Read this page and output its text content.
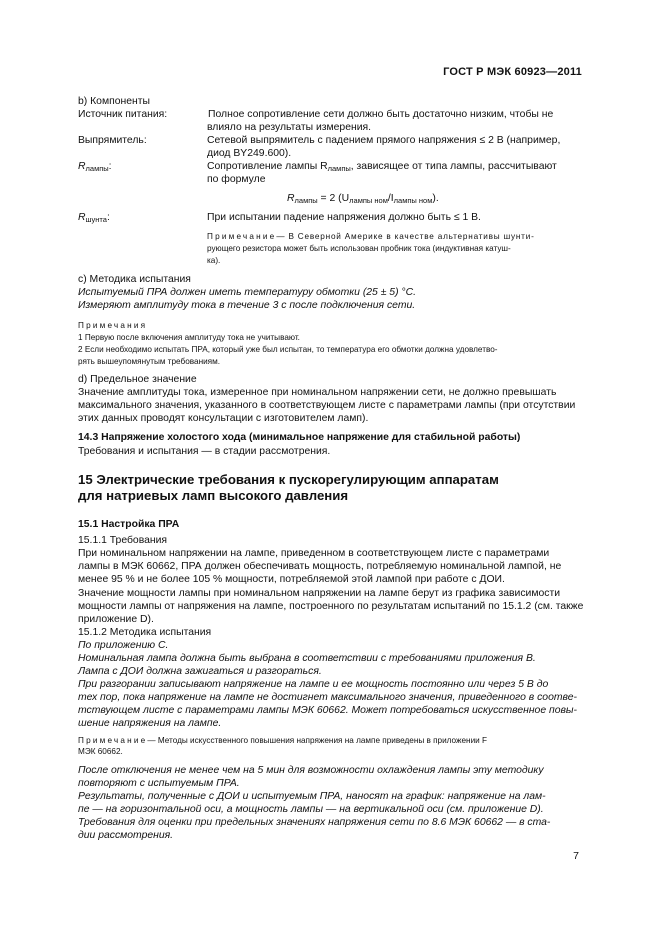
ГОСТ Р МЭК 60923—2011
b) Компоненты
Источник питания:	Полное сопротивление сети должно быть достаточно низким, чтобы не
влияло на результаты измерения.
Выпрямитель:	Сетевой выпрямитель с падением прямого напряжения ≤ 2 В (например,
диод BY249.600).
$R_{лампы}$:	Сопротивление лампы $R_{лампы}$, зависящее от типа лампы, рассчитывают
по формуле
$R_{лампы} = 2$ $(U_{лампы ном}/I_{лампы ном})$.
$R_{шунта}$:	При испытании падение напряжения должно быть ≤ 1 В.
Примечание— В Северной Америке в качестве альтернативы шунти-
рующего резистора может быть использован пробник тока (индуктивная катуш-
ка).
c) Методика испытания
Испытуемый ПРА должен иметь температуру обмотки (25 ± 5) °С.
Измеряют амплитуду тока в течение 3 с после подключения сети.
Примечания
1 Первую после включения амплитуду тока не учитывают.
2 Если необходимо испытать ПРА, который уже был испытан, то температура его обмотки должна удовлетво-
рять вышеупомянутым требованиям.
d) Предельное значение
Значение амплитуды тока, измеренное при номинальном напряжении сети, не должно превышать
максимального значения, указанного в соответствующем листе с параметрами лампы (при отсутствии
этих данных проводят консультации с изготовителем ламп).
14.3 Напряжение холостого хода (минимальное напряжение для стабильной работы)
Требования и испытания — в стадии рассмотрения.
15 Электрические требования к пускорегулирующим аппаратам
для натриевых ламп высокого давления
15.1 Настройка ПРА
15.1.1 Требования
При номинальном напряжении на лампе, приведенном в соответствующем листе с параметрами
лампы в МЭК 60662, ПРА должен обеспечивать мощность, потребляемую номинальной лампой, не
менее 95 % и не более 105 % мощности, потребляемой этой лампой при работе с ДОИ.
Значение мощности лампы при номинальном напряжении на лампе берут из графика зависимости
мощности лампы от напряжения на лампе, построенного по результатам испытаний по 15.1.2 (см. также
приложение D).
15.1.2 Методика испытания
По приложению С.
Номинальная лампа должна быть выбрана в соответствии с требованиями приложения В.
Лампа с ДОИ должна зажигаться и разгораться.
При разгорании записывают напряжение на лампе и ее мощность постоянно или через 5 В до
тех пор, пока напряжение на лампе не достигнет максимального значения, приведенного в соотве-
тствующем листе с параметрами лампы МЭК 60662. Может потребоваться искусственное повы-
шение напряжения на лампе.
Примечание— Методы искусственного повышения напряжения на лампе приведены в приложении F
МЭК 60662.
После отключения не менее чем на 5 мин для возможности охлаждения лампы эту методику
повторяют с испытуемым ПРА.
Результаты, полученные с ДОИ и испытуемым ПРА, наносят на график: напряжение на лам-
пе — на горизонтальной оси, а мощность лампы — на вертикальной оси (см. приложение D).
Требования для оценки при предельных значениях напряжения сети по 8.6 МЭК 60662 — в ста-
дии рассмотрения.
7
